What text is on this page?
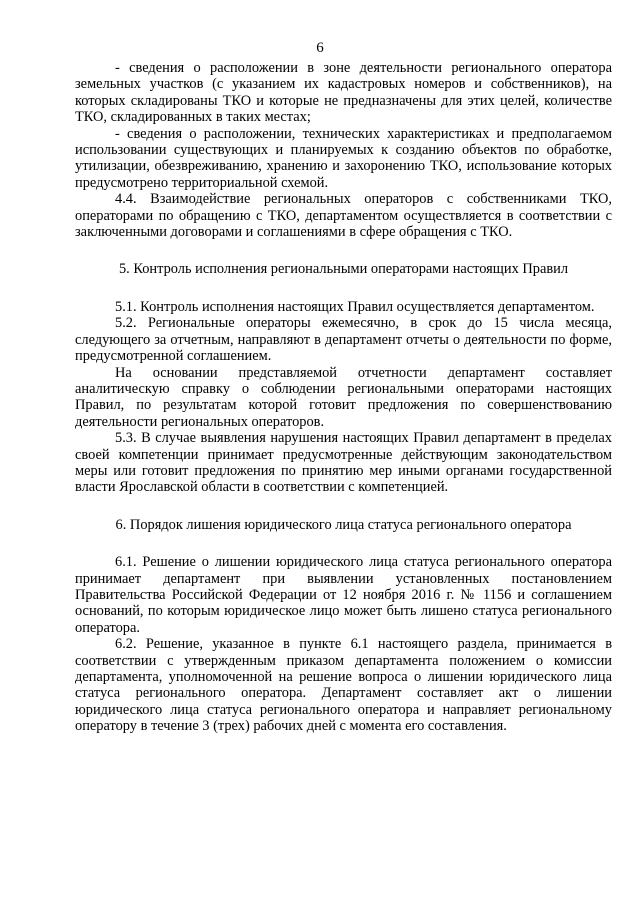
6

- сведения о расположении в зоне деятельности регионального оператора земельных участков (с указанием их кадастровых номеров и собственников), на которых складированы ТКО и которые не предназначены для этих целей, количестве ТКО, складированных в таких местах;

- сведения о расположении, технических характеристиках и предполагаемом использовании существующих и планируемых к созданию объектов по обработке, утилизации, обезвреживанию, хранению и захоронению ТКО, использование которых предусмотрено территориальной схемой.

4.4. Взаимодействие региональных операторов с собственниками ТКО, операторами по обращению с ТКО, департаментом осуществляется в соответствии с заключенными договорами и соглашениями в сфере обращения с ТКО.

5. Контроль исполнения региональными операторами настоящих Правил

5.1. Контроль исполнения настоящих Правил осуществляется департаментом.

5.2. Региональные операторы ежемесячно, в срок до 15 числа месяца, следующего за отчетным, направляют в департамент отчеты о деятельности по форме, предусмотренной соглашением.

На основании представляемой отчетности департамент составляет аналитическую справку о соблюдении региональными операторами настоящих Правил, по результатам которой готовит предложения по совершенствованию деятельности региональных операторов.

5.3. В случае выявления нарушения настоящих Правил департамент в пределах своей компетенции принимает предусмотренные действующим законодательством меры или готовит предложения по принятию мер иными органами государственной власти Ярославской области в соответствии с компетенцией.

6. Порядок лишения юридического лица статуса регионального оператора

6.1. Решение о лишении юридического лица статуса регионального оператора принимает департамент при выявлении установленных постановлением Правительства Российской Федерации от 12 ноября 2016 г. № 1156 и соглашением оснований, по которым юридическое лицо может быть лишено статуса регионального оператора.

6.2. Решение, указанное в пункте 6.1 настоящего раздела, принимается в соответствии с утвержденным приказом департамента положением о комиссии департамента, уполномоченной на решение вопроса о лишении юридического лица статуса регионального оператора. Департамент составляет акт о лишении юридического лица статуса регионального оператора и направляет региональному оператору в течение 3 (трех) рабочих дней с момента его составления.
